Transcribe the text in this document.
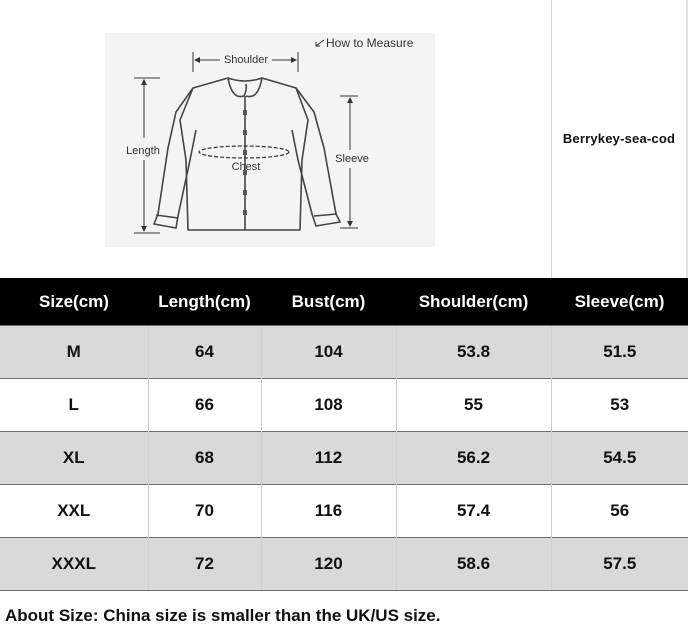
How to Measure
Shoulder
Length
Sleeve
Chest
Berrykey-sea-cod
Size(cm)	Length(cm)	Bust(cm)	Shoulder(cm)	Sleeve(cm)
M	64	104	53.8	51.5
L	66	108	55	53
XL	68	112	56.2	54.5
XXL	70	116	57.4	56
XXXL	72	120	58.6	57.5
About Size: China size is smaller than the UK/US size.
